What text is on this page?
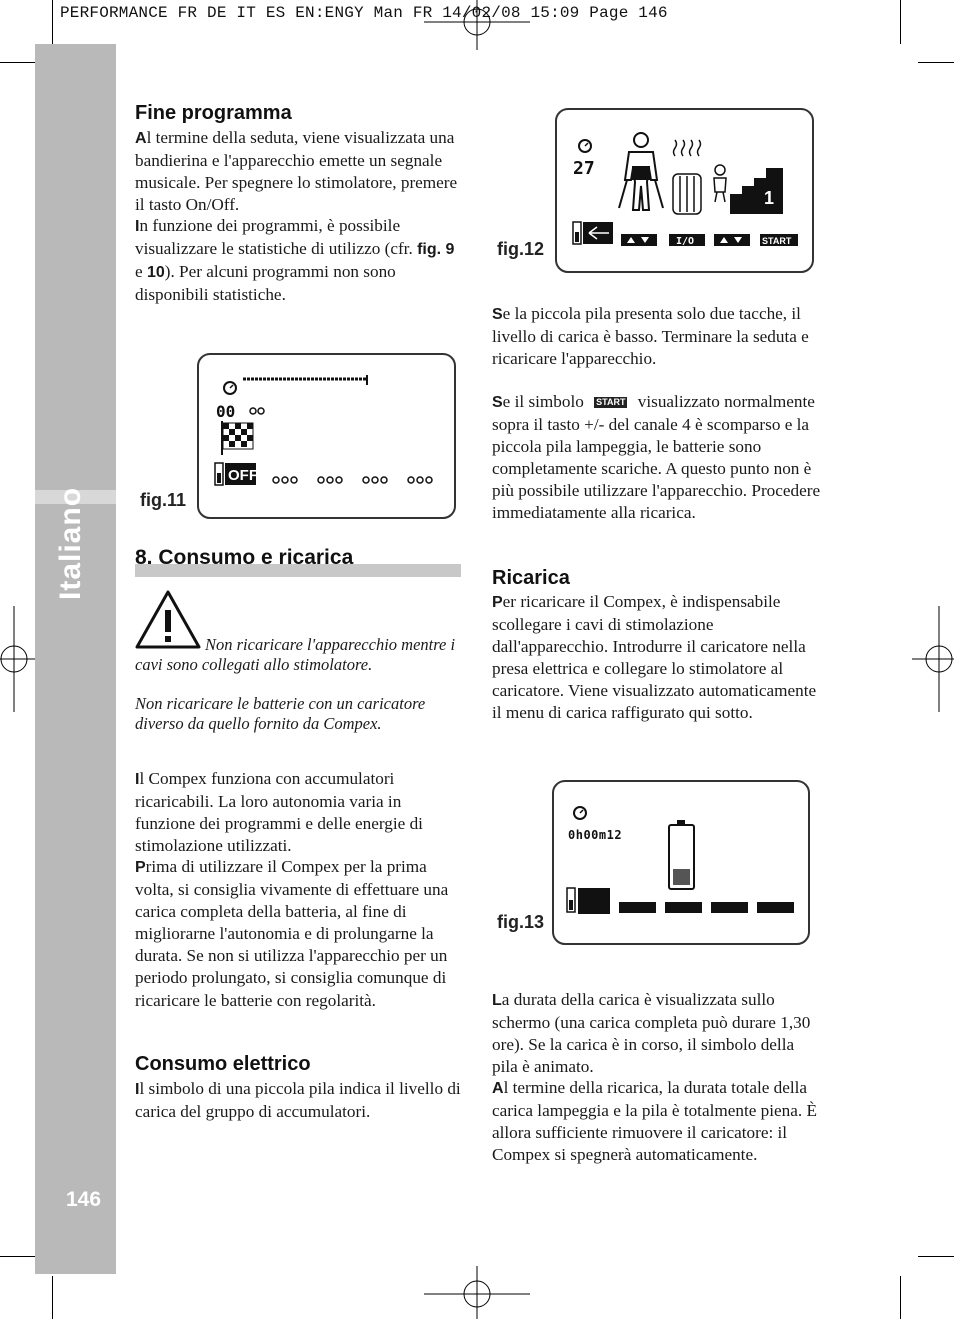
PERFORMANCE FR DE IT ES EN:ENGY Man FR 14/02/08 15:09 Page 146
Italiano
146
Fine programma

Al termine della seduta, viene visualizzata una bandierina e l'apparecchio emette un segnale musicale. Per spegnere lo stimolatore, premere il tasto On/Off.

In funzione dei programmi, è possibile visualizzare le statistiche di utilizzo (cfr. fig. 9 e 10). Per alcuni programmi non sono disponibili statistiche.

fig.11
00
OFF
8. Consumo e ricarica
Non ricaricare l'apparecchio mentre i cavi sono collegati allo stimolatore.
Non ricaricare le batterie con un caricatore diverso da quello fornito da Compex.

Il Compex funziona con accumulatori ricaricabili. La loro autonomia varia in funzione dei programmi e delle energie di stimolazione utilizzati.

Prima di utilizzare il Compex per la prima volta, si consiglia vivamente di effettuare una carica completa della batteria, al fine di migliorarne l'autonomia e di prolungarne la durata. Se non si utilizza l'apparecchio per un periodo prolungato, si consiglia comunque di ricaricare le batterie con regolarità.

Consumo elettrico

Il simbolo di una piccola pila indica il livello di carica del gruppo di accumulatori.

fig.12
27
1
I/O	START

Se la piccola pila presenta solo due tacche, il livello di carica è basso. Terminare la seduta e ricaricare l'apparecchio.

Se il simbolo START visualizzato normalmente sopra il tasto +/- del canale 4 è scomparso e la piccola pila lampeggia, le batterie sono completamente scariche. A questo punto non è più possibile utilizzare l'apparecchio. Procedere immediatamente alla ricarica.

Ricarica

Per ricaricare il Compex, è indispensabile scollegare i cavi di stimolazione dall'apparecchio. Introdurre il caricatore nella presa elettrica e collegare lo stimolatore al caricatore. Viene visualizzato automaticamente il menu di carica raffigurato qui sotto.

fig.13
0h00m12

La durata della carica è visualizzata sullo schermo (una carica completa può durare 1,30 ore). Se la carica è in corso, il simbolo della pila è animato.

Al termine della ricarica, la durata totale della carica lampeggia e la pila è totalmente piena. È allora sufficiente rimuovere il caricatore: il Compex si spegnerà automaticamente.
